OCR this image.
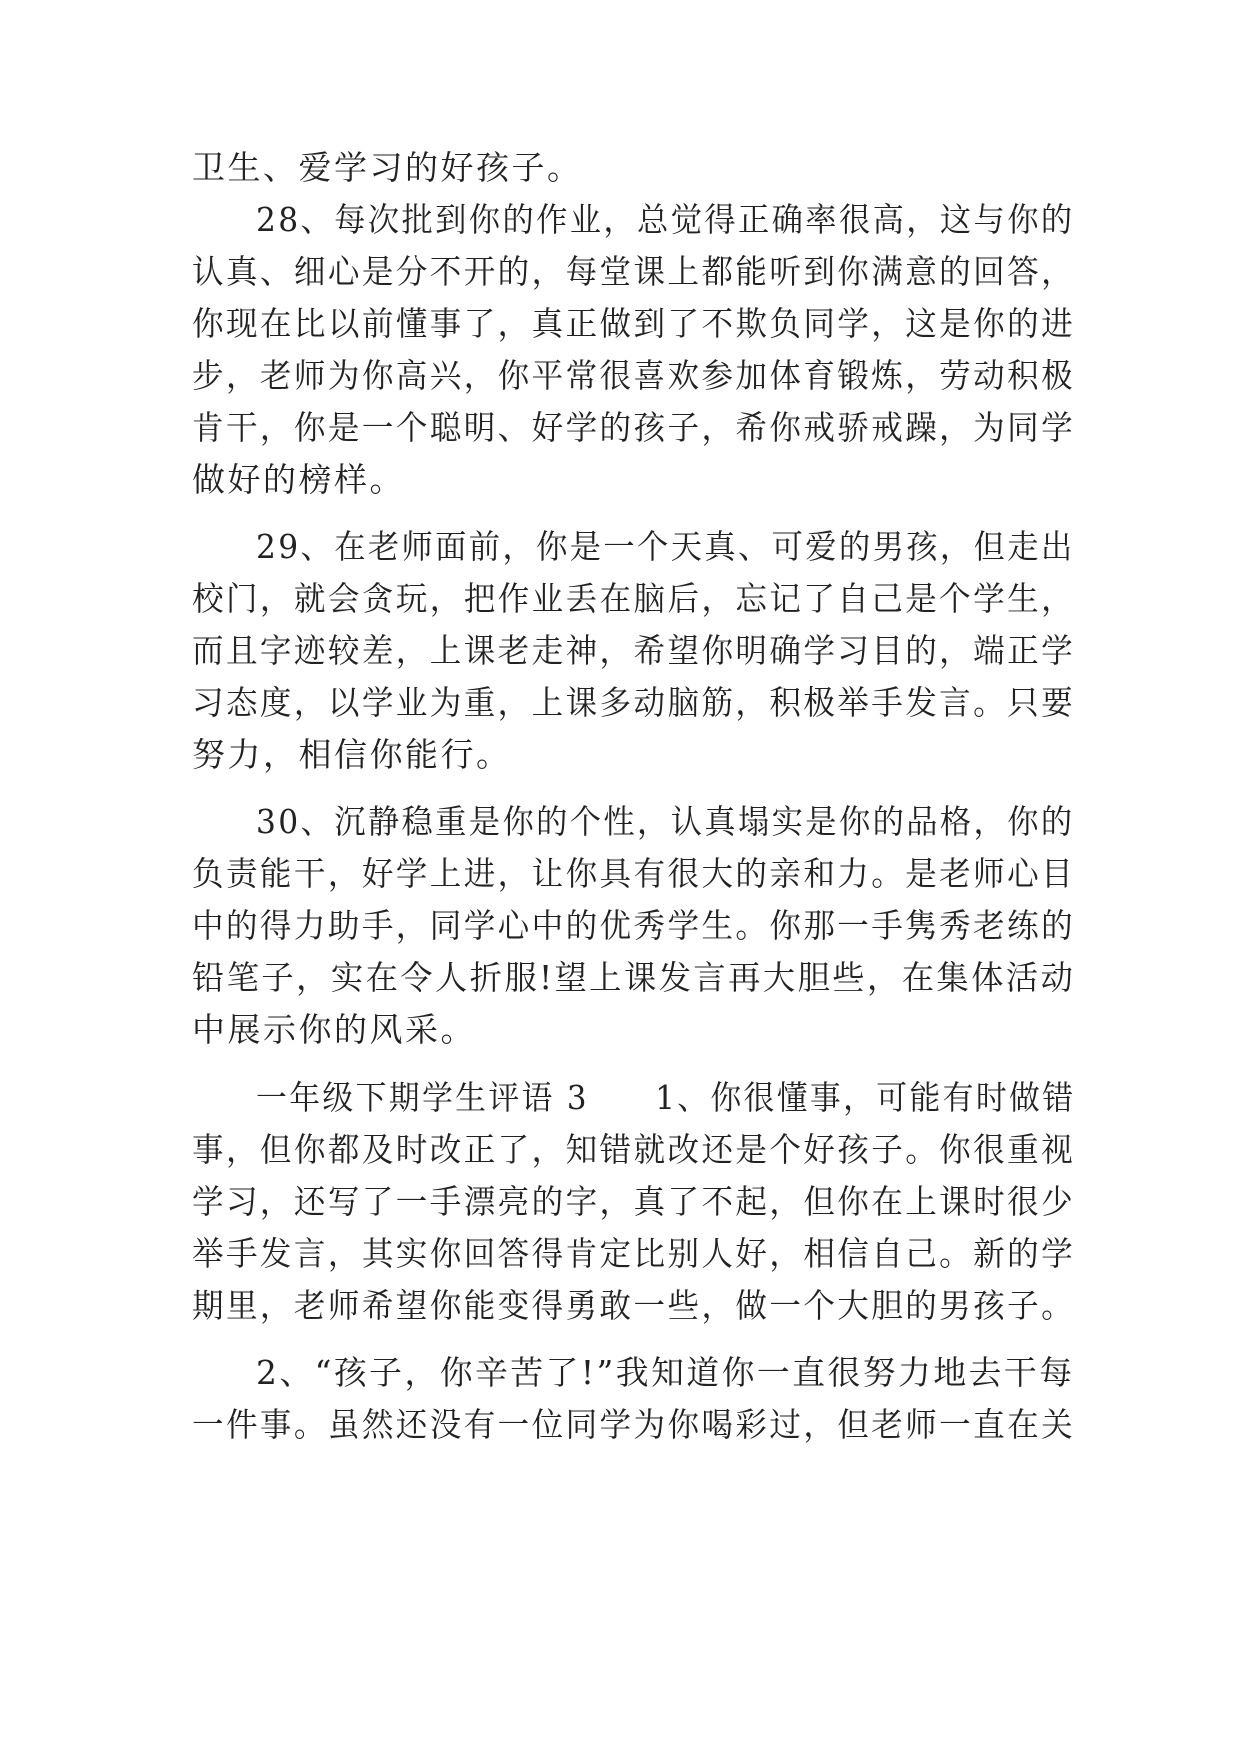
卫生、爱学习的好孩子。
28、每次批到你的作业，总觉得正确率很高，这与你的
认真、细心是分不开的，每堂课上都能听到你满意的回答，
你现在比以前懂事了，真正做到了不欺负同学，这是你的进
步，老师为你高兴，你平常很喜欢参加体育锻炼，劳动积极
肯干，你是一个聪明、好学的孩子，希你戒骄戒躁，为同学
做好的榜样。
29、在老师面前，你是一个天真、可爱的男孩，但走出
校门，就会贪玩，把作业丢在脑后，忘记了自己是个学生，
而且字迹较差，上课老走神，希望你明确学习目的，端正学
习态度，以学业为重，上课多动脑筋，积极举手发言。只要
努力，相信你能行。
30、沉静稳重是你的个性，认真塌实是你的品格，你的
负责能干，好学上进，让你具有很大的亲和力。是老师心目
中的得力助手，同学心中的优秀学生。你那一手隽秀老练的
铅笔子，实在令人折服!望上课发言再大胆些，在集体活动
中展示你的风采。
一年级下期学生评语 3　　1、你很懂事，可能有时做错
事，但你都及时改正了，知错就改还是个好孩子。你很重视
学习，还写了一手漂亮的字，真了不起，但你在上课时很少
举手发言，其实你回答得肯定比别人好，相信自己。新的学
期里，老师希望你能变得勇敢一些，做一个大胆的男孩子。
2、“孩子，你辛苦了!”我知道你一直很努力地去干每
一件事。虽然还没有一位同学为你喝彩过，但老师一直在关
